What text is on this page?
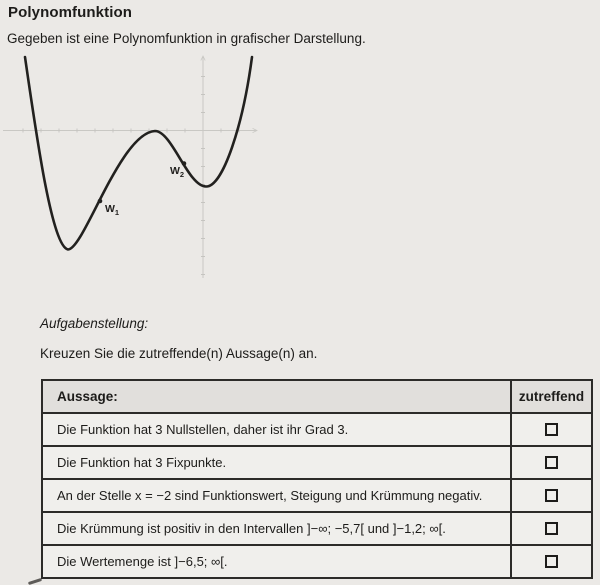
Polynomfunktion
Gegeben ist eine Polynomfunktion in grafischer Darstellung.
$W_1$
$W_2$
Aufgabenstellung:
Kreuzen Sie die zutreffende(n) Aussage(n) an.
Aussage:	zutreffend
Die Funktion hat 3 Nullstellen, daher ist ihr Grad 3.
Die Funktion hat 3 Fixpunkte.
An der Stelle x = −2 sind Funktionswert, Steigung und Krümmung negativ.
Die Krümmung ist positiv in den Intervallen ]−∞; −5,7[ und ]−1,2; ∞[.
Die Wertemenge ist ]−6,5; ∞[.
